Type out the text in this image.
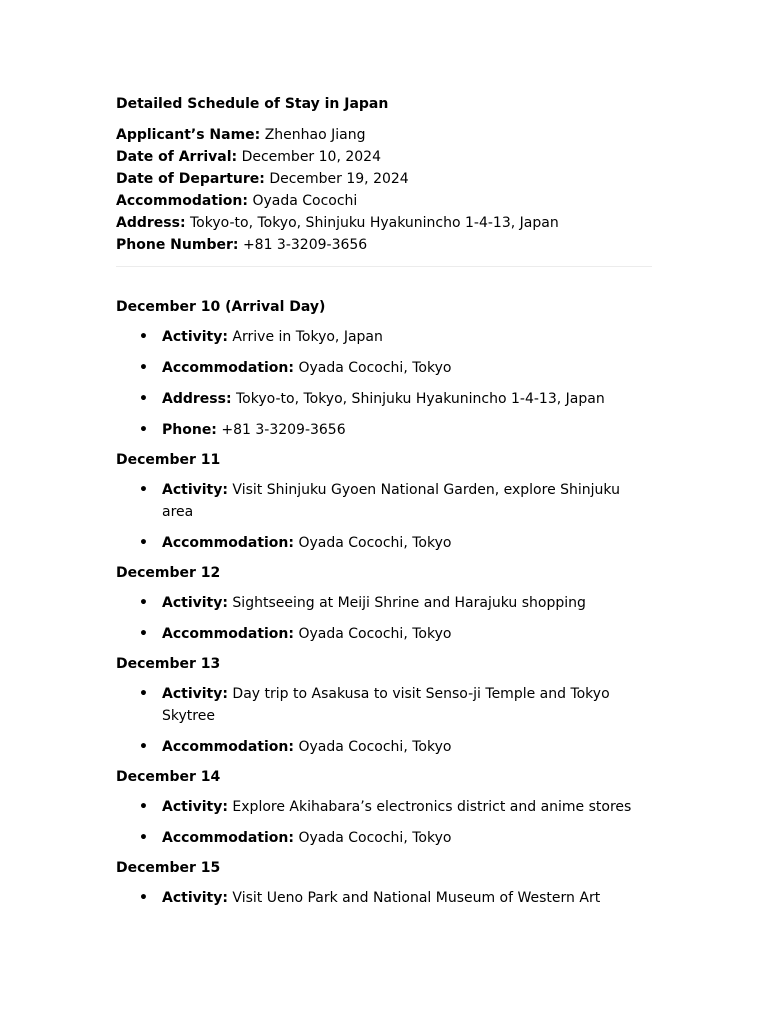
Detailed Schedule of Stay in Japan
Applicant’s Name: Zhenhao Jiang
Date of Arrival: December 10, 2024
Date of Departure: December 19, 2024
Accommodation: Oyada Cocochi
Address: Tokyo-to, Tokyo, Shinjuku Hyakunincho 1-4-13, Japan
Phone Number: +81 3-3209-3656
December 10 (Arrival Day)
• Activity: Arrive in Tokyo, Japan
• Accommodation: Oyada Cocochi, Tokyo
• Address: Tokyo-to, Tokyo, Shinjuku Hyakunincho 1-4-13, Japan
• Phone: +81 3-3209-3656
December 11
• Activity: Visit Shinjuku Gyoen National Garden, explore Shinjuku area
• Accommodation: Oyada Cocochi, Tokyo
December 12
• Activity: Sightseeing at Meiji Shrine and Harajuku shopping
• Accommodation: Oyada Cocochi, Tokyo
December 13
• Activity: Day trip to Asakusa to visit Senso-ji Temple and Tokyo Skytree
• Accommodation: Oyada Cocochi, Tokyo
December 14
• Activity: Explore Akihabara’s electronics district and anime stores
• Accommodation: Oyada Cocochi, Tokyo
December 15
• Activity: Visit Ueno Park and National Museum of Western Art
